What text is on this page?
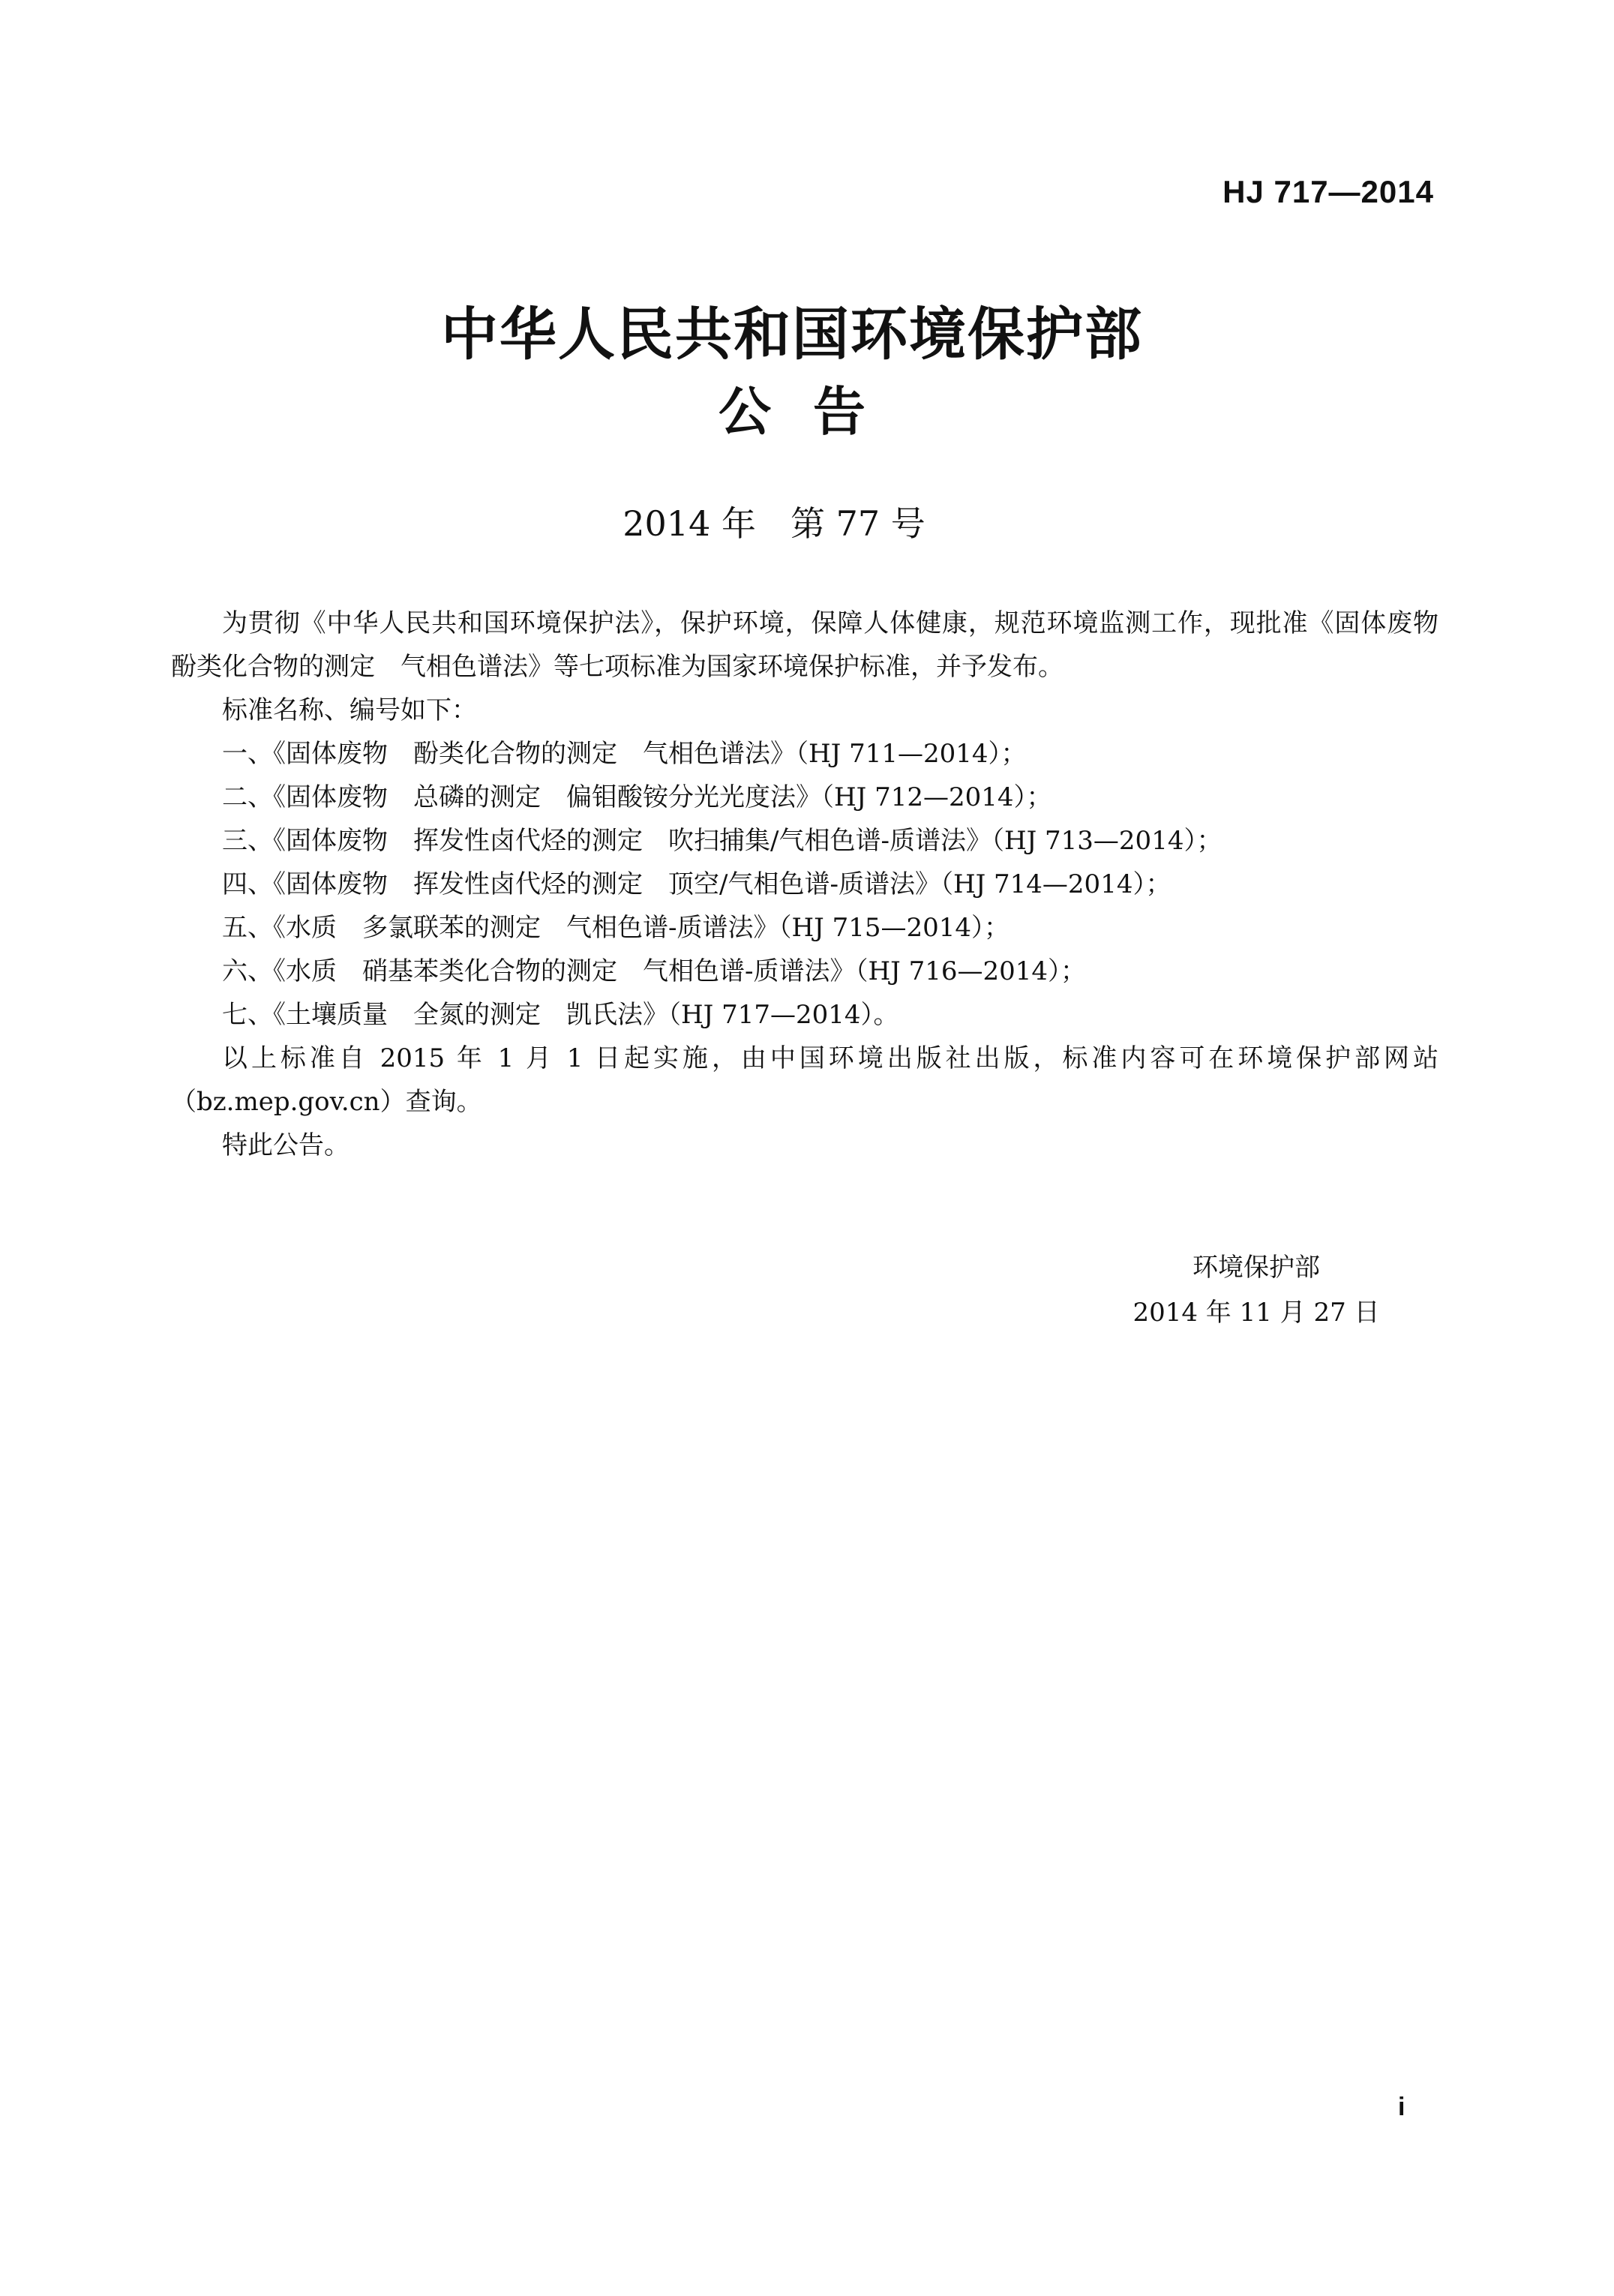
HJ 717—2014
中华人民共和国环境保护部
公告
2014 年　第 77 号

为贯彻《中华人民共和国环境保护法》，保护环境，保障人体健康，规范环境监测工作，现批准《固体废物　酚类化合物的测定　气相色谱法》等七项标准为国家环境保护标准，并予发布。

标准名称、编号如下：

一、《固体废物　酚类化合物的测定　气相色谱法》（HJ 711—2014）；
二、《固体废物　总磷的测定　偏钼酸铵分光光度法》（HJ 712—2014）；
三、《固体废物　挥发性卤代烃的测定　吹扫捕集/气相色谱-质谱法》（HJ 713—2014）；
四、《固体废物　挥发性卤代烃的测定　顶空/气相色谱-质谱法》（HJ 714—2014）；
五、《水质　多氯联苯的测定　气相色谱-质谱法》（HJ 715—2014）；
六、《水质　硝基苯类化合物的测定　气相色谱-质谱法》（HJ 716—2014）；
七、《土壤质量　全氮的测定　凯氏法》（HJ 717—2014）。

以上标准自 2015 年 1 月 1 日起实施，由中国环境出版社出版，标准内容可在环境保护部网站（bz.mep.gov.cn）查询。

特此公告。

环境保护部
2014 年 11 月 27 日
i
